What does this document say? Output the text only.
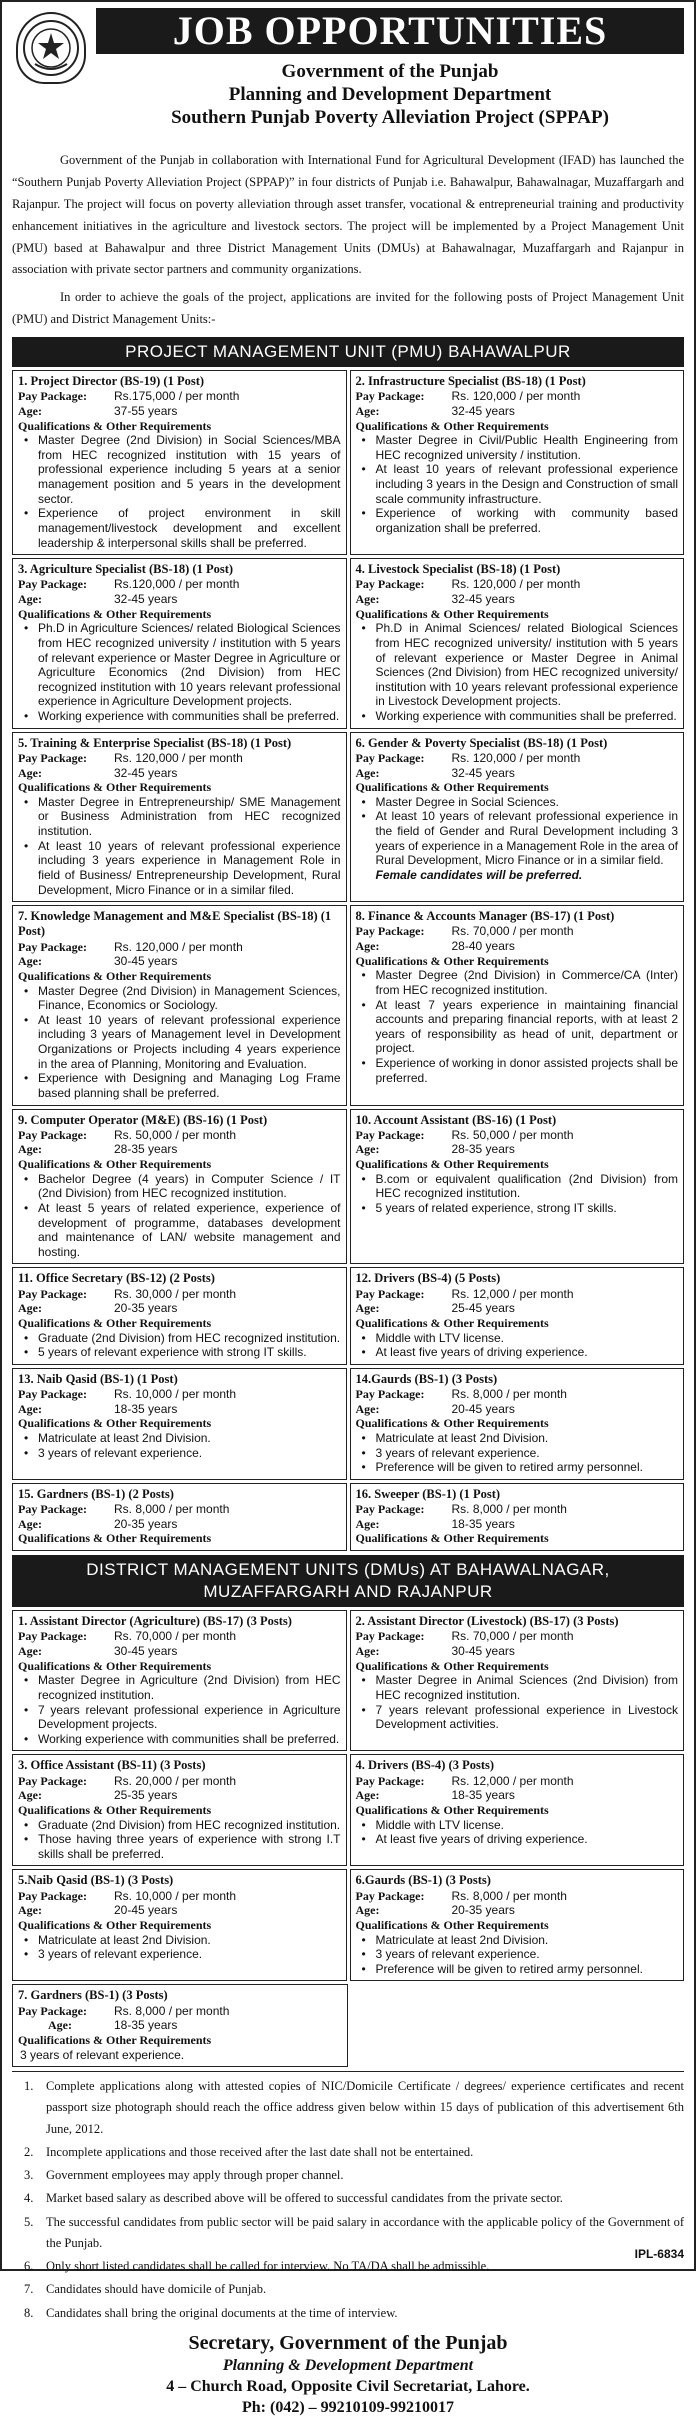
JOB OPPORTUNITIES
Government of the Punjab
Planning and Development Department
Southern Punjab Poverty Alleviation Project (SPPAP)

Government of the Punjab in collaboration with International Fund for Agricultural Development (IFAD) has launched the “Southern Punjab Poverty Alleviation Project (SPPAP)” in four districts of Punjab i.e. Bahawalpur, Bahawalnagar, Muzaffargarh and Rajanpur. The project will focus on poverty alleviation through asset transfer, vocational & entrepreneurial training and productivity enhancement initiatives in the agriculture and livestock sectors. The project will be implemented by a Project Management Unit (PMU) based at Bahawalpur and three District Management Units (DMUs) at Bahawalnagar, Muzaffargarh and Rajanpur in association with private sector partners and community organizations.

In order to achieve the goals of the project, applications are invited for the following posts of Project Management Unit (PMU) and District Management Units:-

PROJECT MANAGEMENT UNIT (PMU) BAHAWALPUR
1. Project Director (BS-19) (1 Post)
Pay Package:	Rs.175,000 / per month
Age:	37-55 years
Qualifications & Other Requirements
• Master Degree (2nd Division) in Social Sciences/MBA from HEC recognized institution with 15 years of professional experience including 5 years at a senior management position and 5 years in the development sector.
• Experience of project environment in skill management/livestock development and excellent leadership & interpersonal skills shall be preferred.
2. Infrastructure Specialist (BS-18) (1 Post)
Pay Package:	Rs. 120,000 / per month
Age:	32-45 years
Qualifications & Other Requirements
• Master Degree in Civil/Public Health Engineering from HEC recognized university / institution.
• At least 10 years of relevant professional experience including 3 years in the Design and Construction of small scale community infrastructure.
• Experience of working with community based organization shall be preferred.
3. Agriculture Specialist (BS-18) (1 Post)
Pay Package:	Rs.120,000 / per month
Age:	32-45 years
Qualifications & Other Requirements
• Ph.D in Agriculture Sciences/ related Biological Sciences from HEC recognized university / institution with 5 years of relevant experience or Master Degree in Agriculture or Agriculture Economics (2nd Division) from HEC recognized institution with 10 years relevant professional experience in Agriculture Development projects.
• Working experience with communities shall be preferred.
4. Livestock Specialist (BS-18) (1 Post)
Pay Package:	Rs. 120,000 / per month
Age:	32-45 years
Qualifications & Other Requirements
• Ph.D in Animal Sciences/ related Biological Sciences from HEC recognized university/ institution with 5 years of relevant experience or Master Degree in Animal Sciences (2nd Division) from HEC recognized university/ institution with 10 years relevant professional experience in Livestock Development projects.
• Working experience with communities shall be preferred.
5. Training & Enterprise Specialist (BS-18) (1 Post)
Pay Package:	Rs. 120,000 / per month
Age:	32-45 years
Qualifications & Other Requirements
• Master Degree in Entrepreneurship/ SME Management or Business Administration from HEC recognized institution.
• At least 10 years of relevant professional experience including 3 years experience in Management Role in field of Business/ Entrepreneurship Development, Rural Development, Micro Finance or in a similar filed.
6. Gender & Poverty Specialist (BS-18) (1 Post)
Pay Package:	Rs. 120,000 / per month
Age:	32-45 years
Qualifications & Other Requirements
• Master Degree in Social Sciences.
• At least 10 years of relevant professional experience in the field of Gender and Rural Development including 3 years of experience in a Management Role in the area of Rural Development, Micro Finance or in a similar field.
Female candidates will be preferred.
7. Knowledge Management and M&E Specialist (BS-18) (1 Post)
Pay Package:	Rs. 120,000 / per month
Age:	30-45 years
Qualifications & Other Requirements
• Master Degree (2nd Division) in Management Sciences, Finance, Economics or Sociology.
• At least 10 years of relevant professional experience including 3 years of Management level in Development Organizations or Projects including 4 years experience in the area of Planning, Monitoring and Evaluation.
• Experience with Designing and Managing Log Frame based planning shall be preferred.
8. Finance & Accounts Manager (BS-17) (1 Post)
Pay Package:	Rs. 70,000 / per month
Age:	28-40 years
Qualifications & Other Requirements
• Master Degree (2nd Division) in Commerce/CA (Inter) from HEC recognized institution.
• At least 7 years experience in maintaining financial accounts and preparing financial reports, with at least 2 years of responsibility as head of unit, department or project.
• Experience of working in donor assisted projects shall be preferred.
9. Computer Operator (M&E) (BS-16) (1 Post)
Pay Package:	Rs. 50,000 / per month
Age:	28-35 years
Qualifications & Other Requirements
• Bachelor Degree (4 years) in Computer Science / IT (2nd Division) from HEC recognized institution.
• At least 5 years of related experience, experience of development of programme, databases development and maintenance of LAN/ website management and hosting.
10. Account Assistant (BS-16) (1 Post)
Pay Package:	Rs. 50,000 / per month
Age:	28-35 years
Qualifications & Other Requirements
• B.com or equivalent qualification (2nd Division) from HEC recognized institution.
• 5 years of related experience, strong IT skills.
11. Office Secretary (BS-12) (2 Posts)
Pay Package:	Rs. 30,000 / per month
Age:	20-35 years
Qualifications & Other Requirements
• Graduate (2nd Division) from HEC recognized institution.
• 5 years of relevant experience with strong IT skills.
12. Drivers (BS-4) (5 Posts)
Pay Package:	Rs. 12,000 / per month
Age:	25-45 years
Qualifications & Other Requirements
• Middle with LTV license.
• At least five years of driving experience.
13. Naib Qasid (BS-1) (1 Post)
Pay Package:	Rs. 10,000 / per month
Age:	18-35 years
Qualifications & Other Requirements
• Matriculate at least 2nd Division.
• 3 years of relevant experience.
14.Gaurds (BS-1) (3 Posts)
Pay Package:	Rs. 8,000 / per month
Age:	20-45 years
Qualifications & Other Requirements
• Matriculate at least 2nd Division.
• 3 years of relevant experience.
• Preference will be given to retired army personnel.
15. Gardners (BS-1) (2 Posts)
Pay Package:	Rs. 8,000 / per month
Age:	20-35 years
Qualifications & Other Requirements
16. Sweeper (BS-1) (1 Post)
Pay Package:	Rs. 8,000 / per month
Age:	18-35 years
Qualifications & Other Requirements
DISTRICT MANAGEMENT UNITS (DMUs) AT BAHAWALNAGAR, MUZAFFARGARH AND RAJANPUR
1. Assistant Director (Agriculture) (BS-17) (3 Posts)
Pay Package:	Rs. 70,000 / per month
Age:	30-45 years
Qualifications & Other Requirements
• Master Degree in Agriculture (2nd Division) from HEC recognized institution.
• 7 years relevant professional experience in Agriculture Development projects.
• Working experience with communities shall be preferred.
2. Assistant Director (Livestock) (BS-17) (3 Posts)
Pay Package:	Rs. 70,000 / per month
Age:	30-45 years
Qualifications & Other Requirements
• Master Degree in Animal Sciences (2nd Division) from HEC recognized institution.
• 7 years relevant professional experience in Livestock Development activities.
3. Office Assistant (BS-11) (3 Posts)
Pay Package:	Rs. 20,000 / per month
Age:	25-35 years
Qualifications & Other Requirements
• Graduate (2nd Division) from HEC recognized institution.
• Those having three years of experience with strong I.T skills shall be preferred.
4. Drivers (BS-4) (3 Posts)
Pay Package:	Rs. 12,000 / per month
Age:	18-35 years
Qualifications & Other Requirements
• Middle with LTV license.
• At least five years of driving experience.
5.Naib Qasid (BS-1) (3 Posts)
Pay Package:	Rs. 10,000 / per month
Age:	20-45 years
Qualifications & Other Requirements
• Matriculate at least 2nd Division.
• 3 years of relevant experience.
6.Gaurds (BS-1) (3 Posts)
Pay Package:	Rs. 8,000 / per month
Age:	20-35 years
Qualifications & Other Requirements
• Matriculate at least 2nd Division.
• 3 years of relevant experience.
• Preference will be given to retired army personnel.
7. Gardners (BS-1) (3 Posts)
Pay Package:	Rs. 8,000 / per month
Age:	18-35 years
Qualifications & Other Requirements
3 years of relevant experience.
1. Complete applications along with attested copies of NIC/Domicile Certificate / degrees/ experience certificates and recent passport size photograph should reach the office address given below within 15 days of publication of this advertisement 6th June, 2012.
2. Incomplete applications and those received after the last date shall not be entertained.
3. Government employees may apply through proper channel.
4. Market based salary as described above will be offered to successful candidates from the private sector.
5. The successful candidates from public sector will be paid salary in accordance with the applicable policy of the Government of the Punjab.
6. Only short listed candidates shall be called for interview. No TA/DA shall be admissible.
7. Candidates should have domicile of Punjab.
8. Candidates shall bring the original documents at the time of interview.
Secretary, Government of the Punjab
Planning & Development Department
4 – Church Road, Opposite Civil Secretariat, Lahore.
Ph: (042) – 99210109-99210017
IPL-6834
